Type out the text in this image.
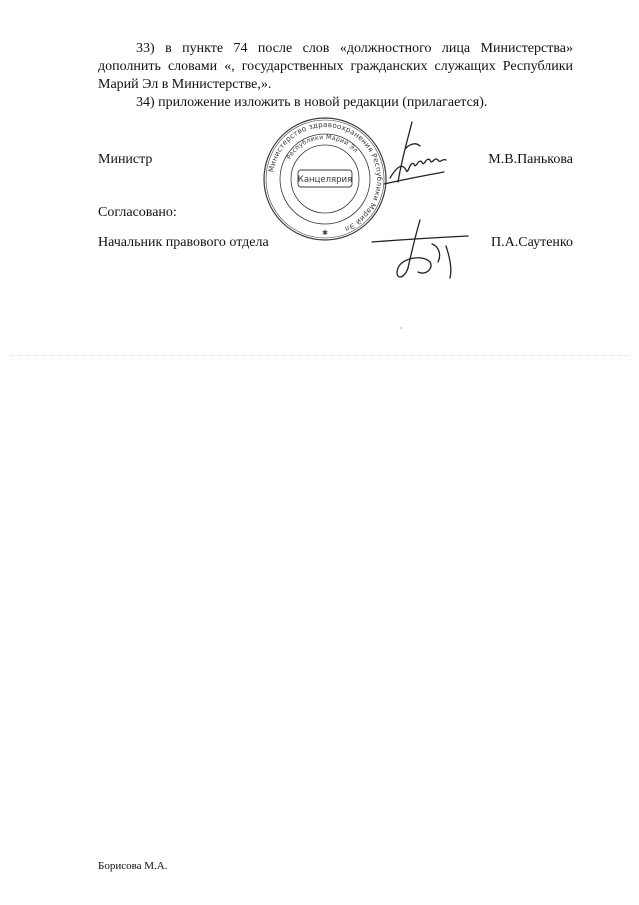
33) в пункте 74 после слов «должностного лица Министерства» дополнить словами «, государственных гражданских служащих Республики Марий Эл в Министерстве,».

34) приложение изложить в новой редакции (прилагается).

Министерство здравоохранения Республики Марий Эл
Республики Марий Эл
Канцелярия
✱
Министр	М.В.Панькова
Согласовано:
Начальник правового отдела	П.А.Саутенко
Борисова М.А.
